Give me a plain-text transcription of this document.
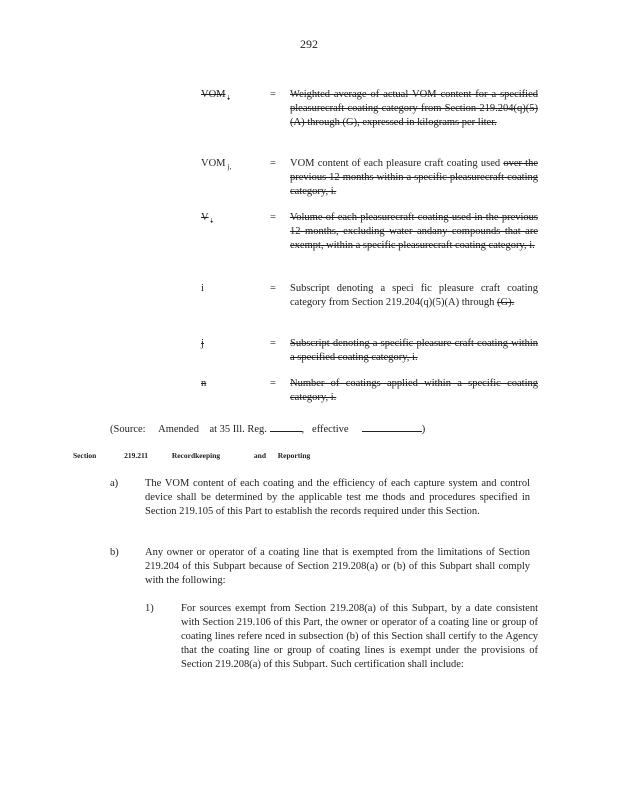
292
VOM $_i$	= Weighted average of actual VOM content for a specified pleasurecraft coating category from Section 219.204(q)(5)(A) through (G), expressed in kilograms per liter.
VOM $_{j,}$	= VOM content of each pleasure craft coating used over the previous 12 months within a specific pleasurecraft coating category, i.
V $_i$	= Volume of each pleasurecraft coating used in the previous 12 months, excluding water andany compounds that are exempt, within a specific pleasurecraft coating category, i.
i	= Subscript denoting a speci fic pleasure craft coating category from Section 219.204(q)(5)(A) through (G).
j	= Subscript denoting a specific pleasure craft coating within a specified coating category, i.
n	= Number of coatings applied within a specific coating category, i.
(Source: Amended at 35 Ill. Reg.	, effective	)
Section	219.211	Recordkeeping	and Reporting
a)	The VOM content of each coating and the efficiency of each capture system and control device shall be determined by the applicable test me thods and procedures specified in Section 219.105 of this Part to establish the records required under this Section.
b)	Any owner or operator of a coating line that is exempted from the limitations of Section 219.204 of this Subpart because of Section 219.208(a) or (b) of this Subpart shall comply with the following:
1)	For sources exempt from Section 219.208(a) of this Subpart, by a date consistent with Section 219.106 of this Part, the owner or operator of a coating line or group of coating lines refere nced in subsection (b) of this Section shall certify to the Agency that the coating line or group of coating lines is exempt under the provisions of Section 219.208(a) of this Subpart. Such certification shall include:
